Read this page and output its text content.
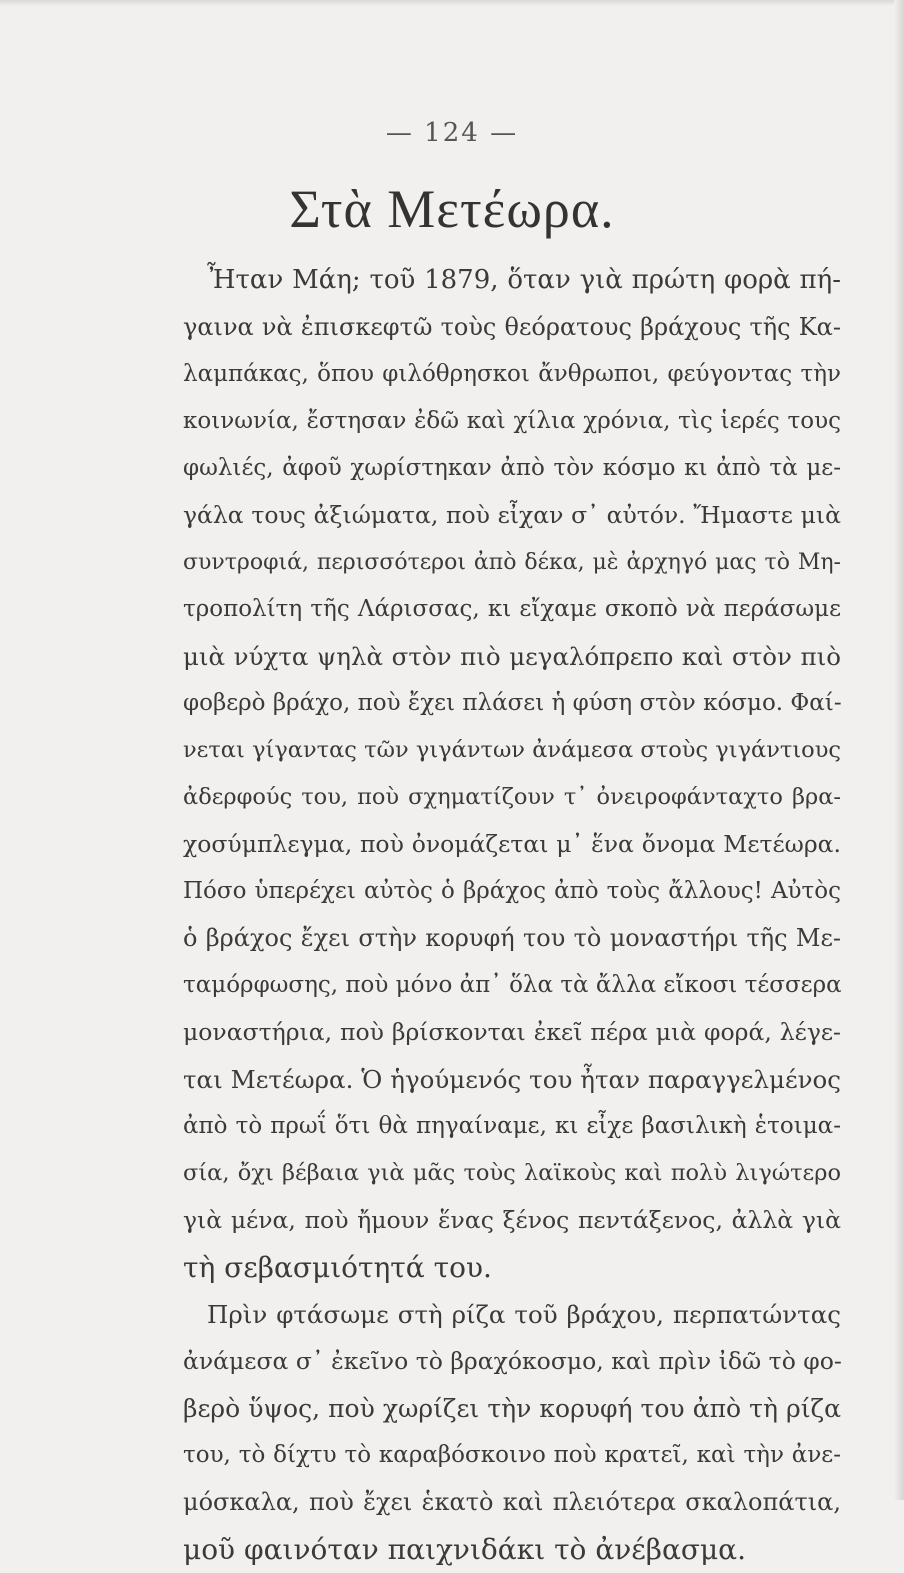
— 124 —
Στὰ Μετέωρα.
Ἦταν Μάη; τοῦ 1879, ὅταν γιὰ πρώτη φορὰ πή-
γαινα νὰ ἐπισκεφτῶ τοὺς θεόρατους βράχους τῆς Κα-
λαμπάκας, ὅπου φιλόθρησκοι ἄνθρωποι, φεύγοντας τὴν
κοινωνία, ἔστησαν ἐδῶ καὶ χίλια χρόνια, τὶς ἱερές τους
φωλιές, ἀφοῦ χωρίστηκαν ἀπὸ τὸν κόσμο κι ἀπὸ τὰ με-
γάλα τους ἀξιώματα, ποὺ εἶχαν σ᾽ αὐτόν. Ἤμαστε μιὰ
συντροφιά, περισσότεροι ἀπὸ δέκα, μὲ ἀρχηγό μας τὸ Μη-
τροπολίτη τῆς Λάρισσας, κι εἴχαμε σκοπὸ νὰ περάσωμε
μιὰ νύχτα ψηλὰ στὸν πιὸ μεγαλόπρεπο καὶ στὸν πιὸ
φοβερὸ βράχο, ποὺ ἔχει πλάσει ἡ φύση στὸν κόσμο. Φαί-
νεται γίγαντας τῶν γιγάντων ἀνάμεσα στοὺς γιγάντιους
ἀδερφούς του, ποὺ σχηματίζουν τ᾽ ὀνειροφάνταχτο βρα-
χοσύμπλεγμα, ποὺ ὀνομάζεται μ᾽ ἕνα ὄνομα Μετέωρα.
Πόσο ὑπερέχει αὐτὸς ὁ βράχος ἀπὸ τοὺς ἄλλους! Αὐτὸς
ὁ βράχος ἔχει στὴν κορυφή του τὸ μοναστήρι τῆς Με-
ταμόρφωσης, ποὺ μόνο ἀπ᾽ ὅλα τὰ ἄλλα εἴκοσι τέσσερα
μοναστήρια, ποὺ βρίσκονται ἐκεῖ πέρα μιὰ φορά, λέγε-
ται Μετέωρα. Ὁ ἡγούμενός του ἦταν παραγγελμένος
ἀπὸ τὸ πρωΐ ὅτι θὰ πηγαίναμε, κι εἶχε βασιλικὴ ἑτοιμα-
σία, ὄχι βέβαια γιὰ μᾶς τοὺς λαϊκοὺς καὶ πολὺ λιγώτερο
γιὰ μένα, ποὺ ἤμουν ἕνας ξένος πεντάξενος, ἀλλὰ γιὰ
τὴ σεβασμιότητά του.
Πρὶν φτάσωμε στὴ ρίζα τοῦ βράχου, περπατώντας
ἀνάμεσα σ᾽ ἐκεῖνο τὸ βραχόκοσμο, καὶ πρὶν ἰδῶ τὸ φο-
βερὸ ὕψος, ποὺ χωρίζει τὴν κορυφή του ἀπὸ τὴ ρίζα
του, τὸ δίχτυ τὸ καραβόσκοινο ποὺ κρατεῖ, καὶ τὴν ἀνε-
μόσκαλα, ποὺ ἔχει ἑκατὸ καὶ πλειότερα σκαλοπάτια,
μοῦ φαινόταν παιχνιδάκι τὸ ἀνέβασμα.
